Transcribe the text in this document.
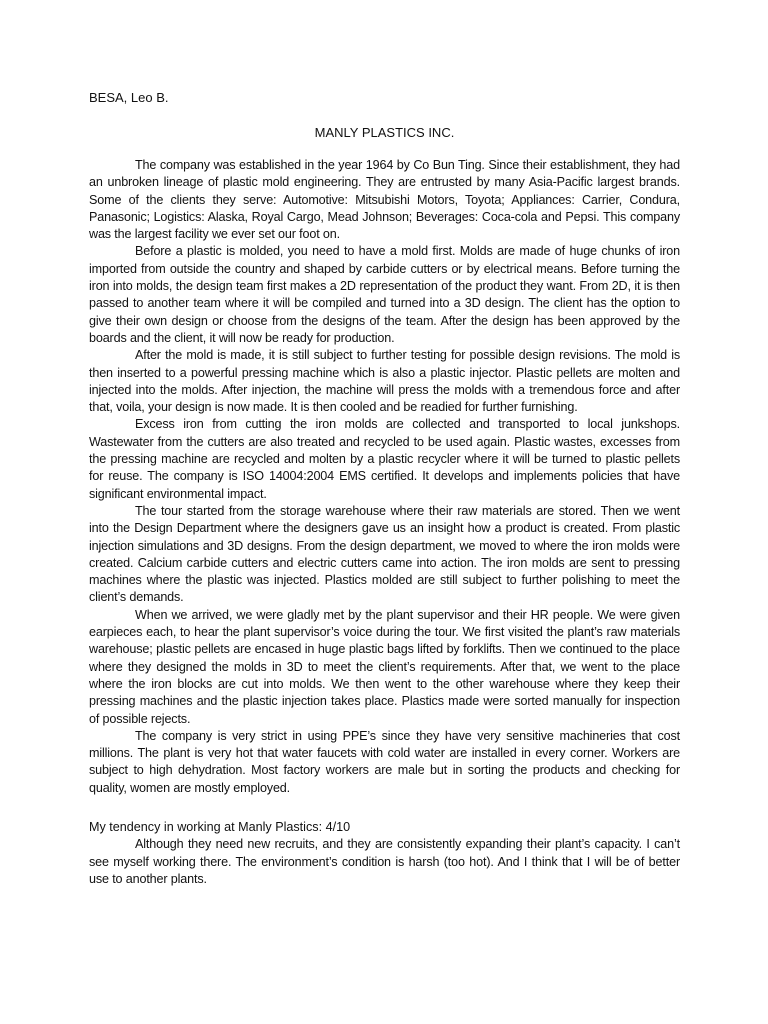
BESA, Leo B.

MANLY PLASTICS INC.

The company was established in the year 1964 by Co Bun Ting. Since their establishment, they had an unbroken lineage of plastic mold engineering. They are entrusted by many Asia-Pacific largest brands. Some of the clients they serve: Automotive: Mitsubishi Motors, Toyota; Appliances: Carrier, Condura, Panasonic; Logistics: Alaska, Royal Cargo, Mead Johnson; Beverages: Coca-cola and Pepsi. This company was the largest facility we ever set our foot on.

Before a plastic is molded, you need to have a mold first. Molds are made of huge chunks of iron imported from outside the country and shaped by carbide cutters or by electrical means. Before turning the iron into molds, the design team first makes a 2D representation of the product they want. From 2D, it is then passed to another team where it will be compiled and turned into a 3D design. The client has the option to give their own design or choose from the designs of the team. After the design has been approved by the boards and the client, it will now be ready for production.

After the mold is made, it is still subject to further testing for possible design revisions. The mold is then inserted to a powerful pressing machine which is also a plastic injector. Plastic pellets are molten and injected into the molds. After injection, the machine will press the molds with a tremendous force and after that, voila, your design is now made. It is then cooled and be readied for further furnishing.

Excess iron from cutting the iron molds are collected and transported to local junkshops. Wastewater from the cutters are also treated and recycled to be used again. Plastic wastes, excesses from the pressing machine are recycled and molten by a plastic recycler where it will be turned to plastic pellets for reuse. The company is ISO 14004:2004 EMS certified. It develops and implements policies that have significant environmental impact.

The tour started from the storage warehouse where their raw materials are stored. Then we went into the Design Department where the designers gave us an insight how a product is created. From plastic injection simulations and 3D designs. From the design department, we moved to where the iron molds were created. Calcium carbide cutters and electric cutters came into action. The iron molds are sent to pressing machines where the plastic was injected. Plastics molded are still subject to further polishing to meet the client’s demands.

When we arrived, we were gladly met by the plant supervisor and their HR people. We were given earpieces each, to hear the plant supervisor’s voice during the tour. We first visited the plant’s raw materials warehouse; plastic pellets are encased in huge plastic bags lifted by forklifts. Then we continued to the place where they designed the molds in 3D to meet the client’s requirements. After that, we went to the place where the iron blocks are cut into molds. We then went to the other warehouse where they keep their pressing machines and the plastic injection takes place. Plastics made were sorted manually for inspection of possible rejects.

The company is very strict in using PPE’s since they have very sensitive machineries that cost millions. The plant is very hot that water faucets with cold water are installed in every corner. Workers are subject to high dehydration. Most factory workers are male but in sorting the products and checking for quality, women are mostly employed.

My tendency in working at Manly Plastics: 4/10

Although they need new recruits, and they are consistently expanding their plant’s capacity. I can’t see myself working there. The environment’s condition is harsh (too hot). And I think that I will be of better use to another plants.
